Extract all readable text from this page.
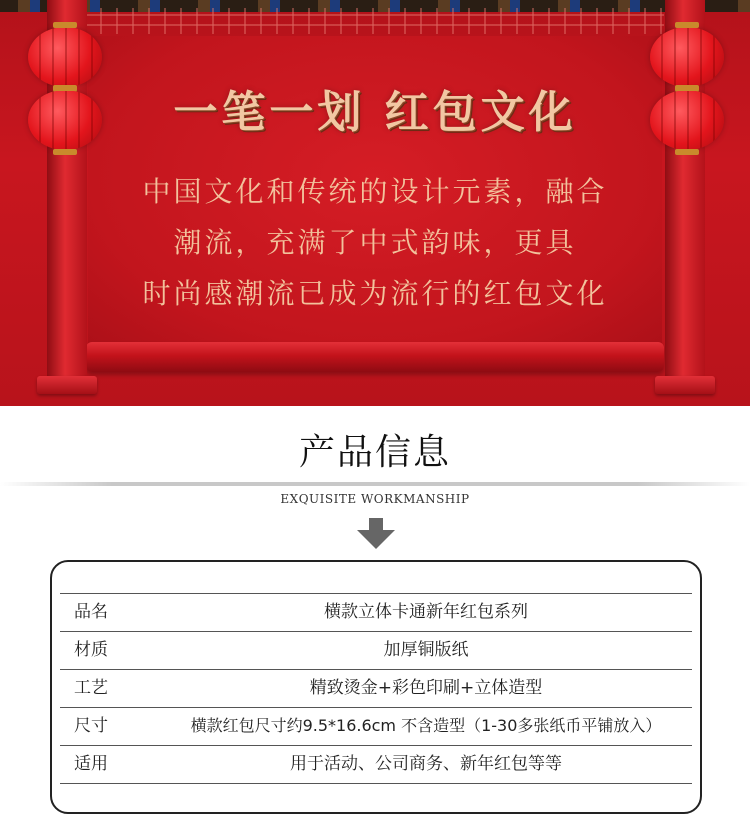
一笔一划 红包文化
中国文化和传统的设计元素，融合
潮流，充满了中式韵味，更具
时尚感潮流已成为流行的红包文化
产品信息
EXQUISITE WORKMANSHIP
品名	横款立体卡通新年红包系列
材质	加厚铜版纸
工艺	精致烫金+彩色印刷+立体造型
尺寸	横款红包尺寸约9.5*16.6cm 不含造型（1-30多张纸币平铺放入）
适用	用于活动、公司商务、新年红包等等
